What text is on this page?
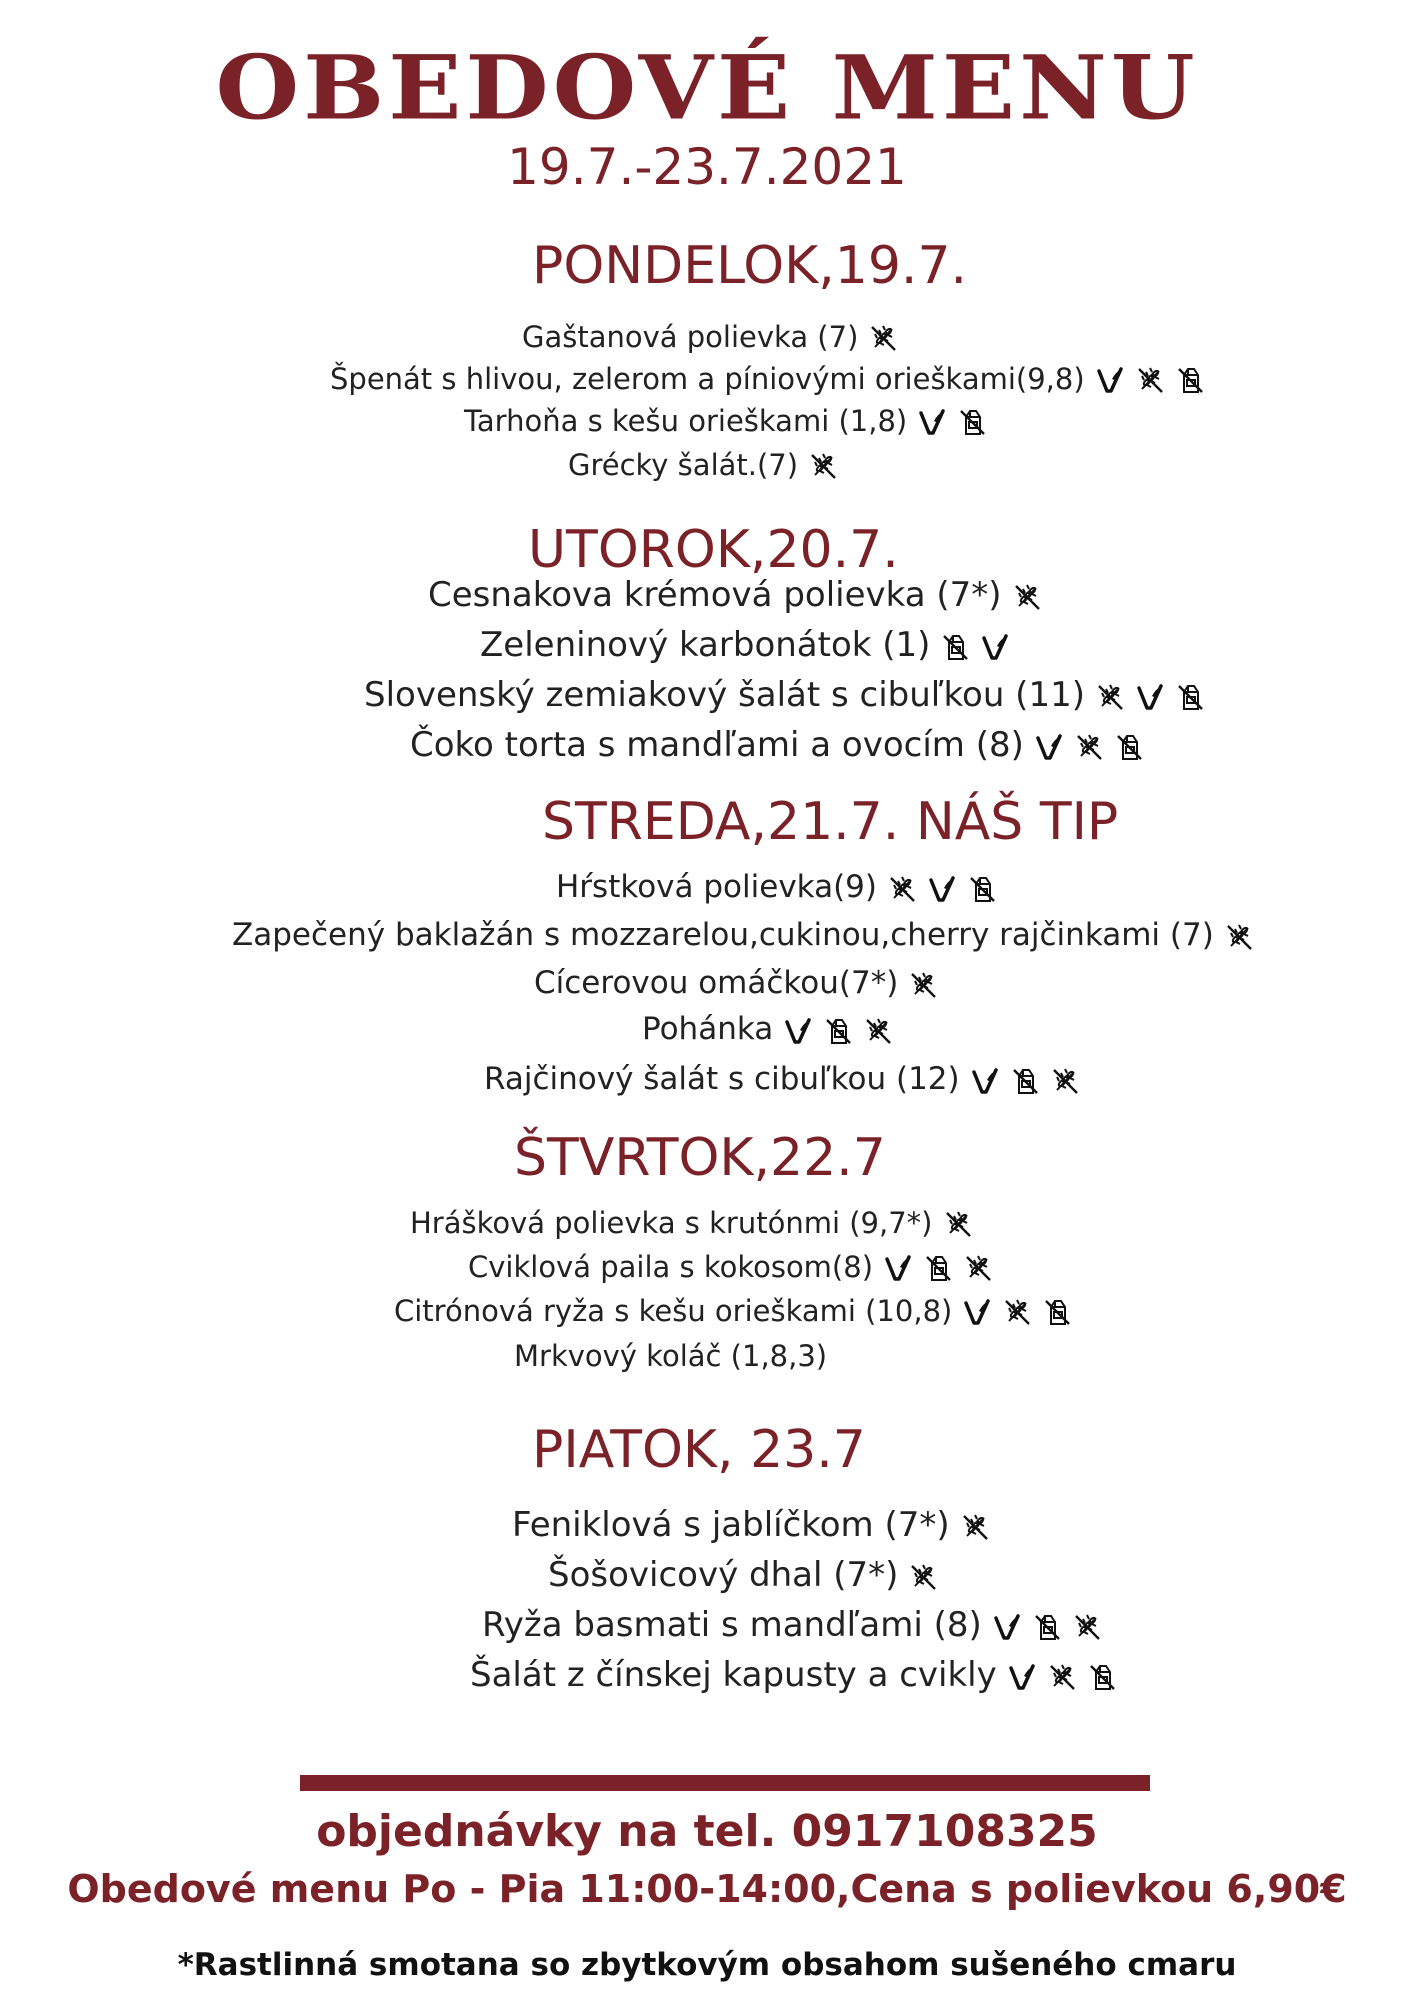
OBEDOVÉ MENU
19.7.-23.7.2021
PONDELOK,19.7.
Gaštanová polievka (7)
Špenát s hlivou, zelerom a píniovými orieškami(9,8)
Tarhoňa s kešu orieškami (1,8)
Grécky šalát.(7)
UTOROK,20.7.
Cesnakova krémová polievka (7*)
Zeleninový karbonátok (1)
Slovenský zemiakový šalát s cibuľkou (11)
Čoko torta s mandľami a ovocím (8)
STREDA,21.7. NÁŠ TIP
Hŕstková polievka(9)
Zapečený baklažán s mozzarelou,cukinou,cherry rajčinkami (7)
Cícerovou omáčkou(7*)
Pohánka
Rajčinový šalát s cibuľkou (12)
ŠTVRTOK,22.7
Hrášková polievka s krutónmi (9,7*)
Cviklová paila s kokosom(8)
Citrónová ryža s kešu orieškami (10,8)
Mrkvový koláč (1,8,3)
PIATOK, 23.7
Feniklová s jablíčkom (7*)
Šošovicový dhal (7*)
Ryža basmati s mandľami (8)
Šalát z čínskej kapusty a cvikly
objednávky na tel. 0917108325
Obedové menu Po - Pia 11:00-14:00,Cena s polievkou 6,90€
*Rastlinná smotana so zbytkovým obsahom sušeného cmaru
